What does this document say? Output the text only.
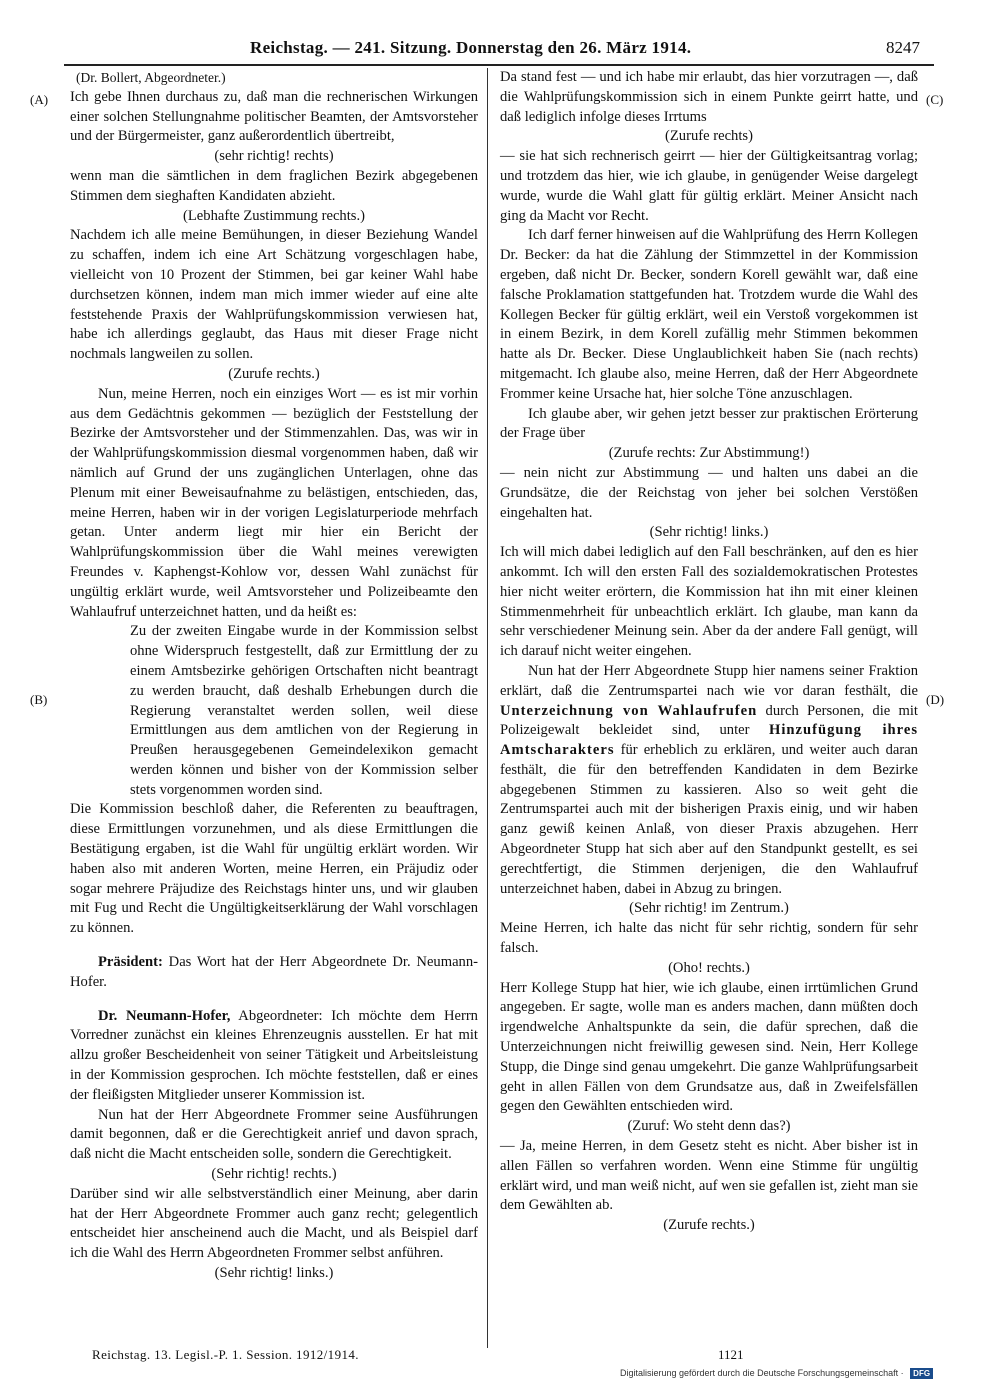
Reichstag. — 241. Sitzung. Donnerstag den 26. März 1914.	8247
(A)
(B)
(C)
(D)

(Dr. Bollert, Abgeordneter.)

Ich gebe Ihnen durchaus zu, daß man die rechnerischen Wirkungen einer solchen Stellungnahme politischer Beamten, der Amtsvorsteher und der Bürgermeister, ganz außerordentlich übertreibt,

(sehr richtig! rechts)

wenn man die sämtlichen in dem fraglichen Bezirk abgegebenen Stimmen dem sieghaften Kandidaten abzieht.

(Lebhafte Zustimmung rechts.)

Nachdem ich alle meine Bemühungen, in dieser Beziehung Wandel zu schaffen, indem ich eine Art Schätzung vorgeschlagen habe, vielleicht von 10 Prozent der Stimmen, bei gar keiner Wahl habe durchsetzen können, indem man mich immer wieder auf eine alte feststehende Praxis der Wahlprüfungskommission verwiesen hat, habe ich allerdings geglaubt, das Haus mit dieser Frage nicht nochmals langweilen zu sollen.

(Zurufe rechts.)

Nun, meine Herren, noch ein einziges Wort — es ist mir vorhin aus dem Gedächtnis gekommen — bezüglich der Feststellung der Bezirke der Amtsvorsteher und der Stimmenzahlen. Das, was wir in der Wahlprüfungskommission diesmal vorgenommen haben, daß wir nämlich auf Grund der uns zugänglichen Unterlagen, ohne das Plenum mit einer Beweisaufnahme zu belästigen, entschieden, das, meine Herren, haben wir in der vorigen Legislaturperiode mehrfach getan. Unter anderm liegt mir hier ein Bericht der Wahlprüfungskommission über die Wahl meines verewigten Freundes v. Kaphengst-Kohlow vor, dessen Wahl zunächst für ungültig erklärt wurde, weil Amtsvorsteher und Polizeibeamte den Wahlaufruf unterzeichnet hatten, und da heißt es:

Zu der zweiten Eingabe wurde in der Kommission selbst ohne Widerspruch festgestellt, daß zur Ermittlung der zu einem Amtsbezirke gehörigen Ortschaften nicht beantragt zu werden braucht, daß deshalb Erhebungen durch die Regierung veranstaltet werden sollen, weil diese Ermittlungen aus dem amtlichen von der Regierung in Preußen herausgegebenen Gemeindelexikon gemacht werden können und bisher von der Kommission selber stets vorgenommen worden sind.

Die Kommission beschloß daher, die Referenten zu beauftragen, diese Ermittlungen vorzunehmen, und als diese Ermittlungen die Bestätigung ergaben, ist die Wahl für ungültig erklärt worden. Wir haben also mit anderen Worten, meine Herren, ein Präjudiz oder sogar mehrere Präjudize des Reichstags hinter uns, und wir glauben mit Fug und Recht die Ungültigkeitserklärung der Wahl vorschlagen zu können.

Präsident: Das Wort hat der Herr Abgeordnete Dr. Neumann-Hofer.

Dr. Neumann-Hofer, Abgeordneter: Ich möchte dem Herrn Vorredner zunächst ein kleines Ehrenzeugnis ausstellen. Er hat mit allzu großer Bescheidenheit von seiner Tätigkeit und Arbeitsleistung in der Kommission gesprochen. Ich möchte feststellen, daß er eines der fleißigsten Mitglieder unserer Kommission ist.

Nun hat der Herr Abgeordnete Frommer seine Ausführungen damit begonnen, daß er die Gerechtigkeit anrief und davon sprach, daß nicht die Macht entscheiden solle, sondern die Gerechtigkeit.

(Sehr richtig! rechts.)

Darüber sind wir alle selbstverständlich einer Meinung, aber darin hat der Herr Abgeordnete Frommer auch ganz recht; gelegentlich entscheidet hier anscheinend auch die Macht, und als Beispiel darf ich die Wahl des Herrn Abgeordneten Frommer selbst anführen.

(Sehr richtig! links.)

Da stand fest — und ich habe mir erlaubt, das hier vorzutragen —, daß die Wahlprüfungskommission sich in einem Punkte geirrt hatte, und daß lediglich infolge dieses Irrtums

(Zurufe rechts)

— sie hat sich rechnerisch geirrt — hier der Gültigkeitsantrag vorlag; und trotzdem das hier, wie ich glaube, in genügender Weise dargelegt wurde, wurde die Wahl glatt für gültig erklärt. Meiner Ansicht nach ging da Macht vor Recht.

Ich darf ferner hinweisen auf die Wahlprüfung des Herrn Kollegen Dr. Becker: da hat die Zählung der Stimmzettel in der Kommission ergeben, daß nicht Dr. Becker, sondern Korell gewählt war, daß eine falsche Proklamation stattgefunden hat. Trotzdem wurde die Wahl des Kollegen Becker für gültig erklärt, weil ein Verstoß vorgekommen ist in einem Bezirk, in dem Korell zufällig mehr Stimmen bekommen hatte als Dr. Becker. Diese Unglaublichkeit haben Sie (nach rechts) mitgemacht. Ich glaube also, meine Herren, daß der Herr Abgeordnete Frommer keine Ursache hat, hier solche Töne anzuschlagen.

Ich glaube aber, wir gehen jetzt besser zur praktischen Erörterung der Frage über

(Zurufe rechts: Zur Abstimmung!)

— nein nicht zur Abstimmung — und halten uns dabei an die Grundsätze, die der Reichstag von jeher bei solchen Verstößen eingehalten hat.

(Sehr richtig! links.)

Ich will mich dabei lediglich auf den Fall beschränken, auf den es hier ankommt. Ich will den ersten Fall des sozialdemokratischen Protestes hier nicht weiter erörtern, die Kommission hat ihn mit einer kleinen Stimmenmehrheit für unbeachtlich erklärt. Ich glaube, man kann da sehr verschiedener Meinung sein. Aber da der andere Fall genügt, will ich darauf nicht weiter eingehen.

Nun hat der Herr Abgeordnete Stupp hier namens seiner Fraktion erklärt, daß die Zentrumspartei nach wie vor daran festhält, die Unterzeichnung von Wahlaufrufen durch Personen, die mit Polizeigewalt bekleidet sind, unter Hinzufügung ihres Amtscharakters für erheblich zu erklären, und weiter auch daran festhält, die für den betreffenden Kandidaten in dem Bezirke abgegebenen Stimmen zu kassieren. Also so weit geht die Zentrumspartei auch mit der bisherigen Praxis einig, und wir haben ganz gewiß keinen Anlaß, von dieser Praxis abzugehen. Herr Abgeordneter Stupp hat sich aber auf den Standpunkt gestellt, es sei gerechtfertigt, die Stimmen derjenigen, die den Wahlaufruf unterzeichnet haben, dabei in Abzug zu bringen.

(Sehr richtig! im Zentrum.)

Meine Herren, ich halte das nicht für sehr richtig, sondern für sehr falsch.

(Oho! rechts.)

Herr Kollege Stupp hat hier, wie ich glaube, einen irrtümlichen Grund angegeben. Er sagte, wolle man es anders machen, dann müßten doch irgendwelche Anhaltspunkte da sein, die dafür sprechen, daß die Unterzeichnungen nicht freiwillig gewesen sind. Nein, Herr Kollege Stupp, die Dinge sind genau umgekehrt. Die ganze Wahlprüfungsarbeit geht in allen Fällen von dem Grundsatze aus, daß in Zweifelsfällen gegen den Gewählten entschieden wird.

(Zuruf: Wo steht denn das?)

— Ja, meine Herren, in dem Gesetz steht es nicht. Aber bisher ist in allen Fällen so verfahren worden. Wenn eine Stimme für ungültig erklärt wird, und man weiß nicht, auf wen sie gefallen ist, zieht man sie dem Gewählten ab.

(Zurufe rechts.)

Reichstag. 13. Legisl.-P. 1. Session. 1912/1914.	1121
Digitalisierung gefördert durch die Deutsche Forschungsgemeinschaft · DFG
